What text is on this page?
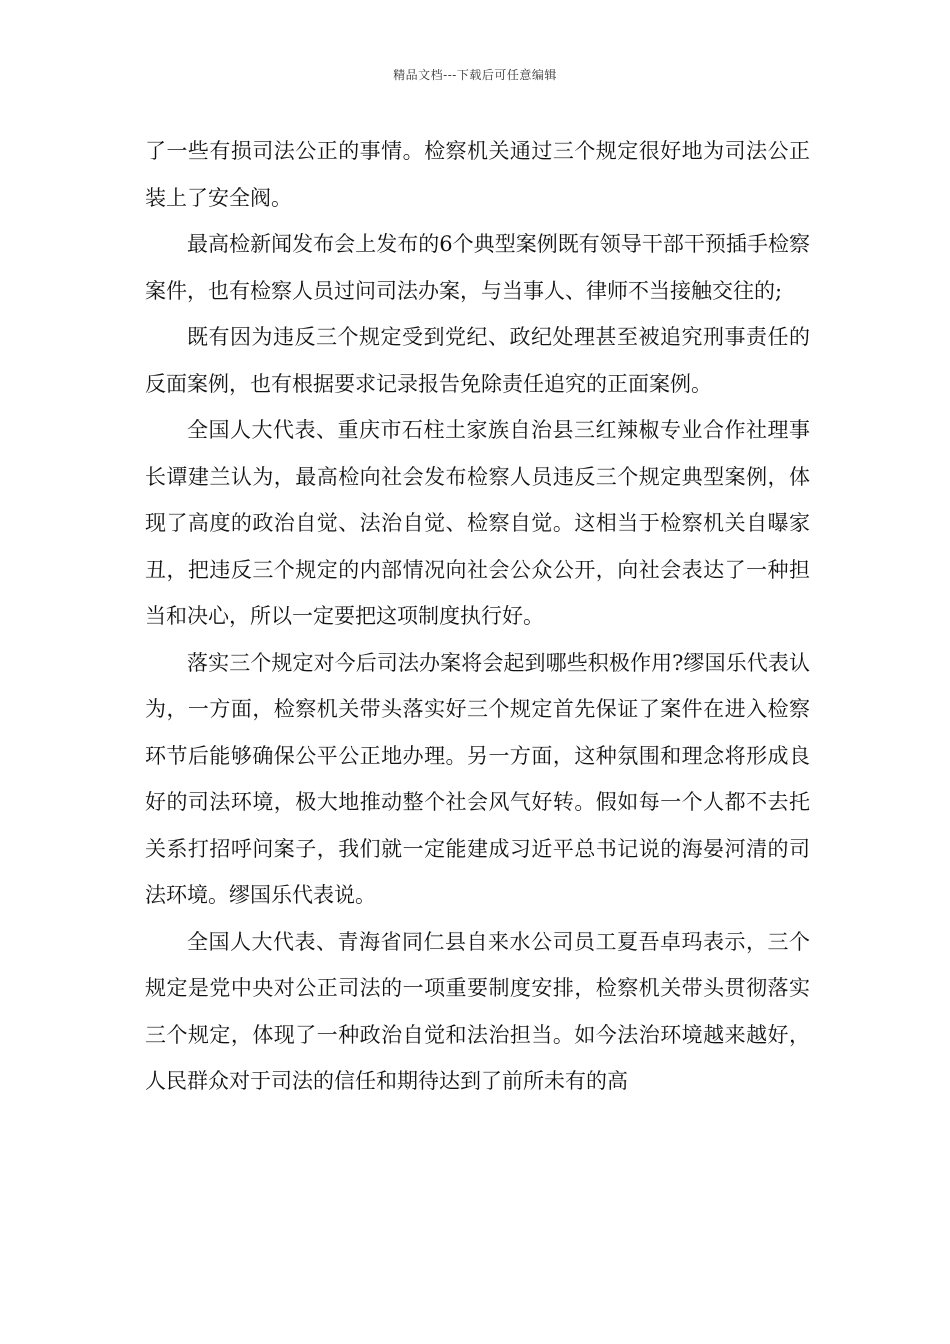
精品文档---下载后可任意编辑

了一些有损司法公正的事情。检察机关通过三个规定很好地为司法公正装上了安全阀。

最高检新闻发布会上发布的6个典型案例既有领导干部干预插手检察案件，也有检察人员过问司法办案，与当事人、律师不当接触交往的;

既有因为违反三个规定受到党纪、政纪处理甚至被追究刑事责任的反面案例，也有根据要求记录报告免除责任追究的正面案例。

全国人大代表、重庆市石柱土家族自治县三红辣椒专业合作社理事长谭建兰认为，最高检向社会发布检察人员违反三个规定典型案例，体现了高度的政治自觉、法治自觉、检察自觉。这相当于检察机关自曝家丑，把违反三个规定的内部情况向社会公众公开，向社会表达了一种担当和决心，所以一定要把这项制度执行好。

落实三个规定对今后司法办案将会起到哪些积极作用?缪国乐代表认为，一方面，检察机关带头落实好三个规定首先保证了案件在进入检察环节后能够确保公平公正地办理。另一方面，这种氛围和理念将形成良好的司法环境，极大地推动整个社会风气好转。假如每一个人都不去托关系打招呼问案子，我们就一定能建成习近平总书记说的海晏河清的司法环境。缪国乐代表说。

全国人大代表、青海省同仁县自来水公司员工夏吾卓玛表示，三个规定是党中央对公正司法的一项重要制度安排，检察机关带头贯彻落实三个规定，体现了一种政治自觉和法治担当。如今法治环境越来越好，人民群众对于司法的信任和期待达到了前所未有的高
